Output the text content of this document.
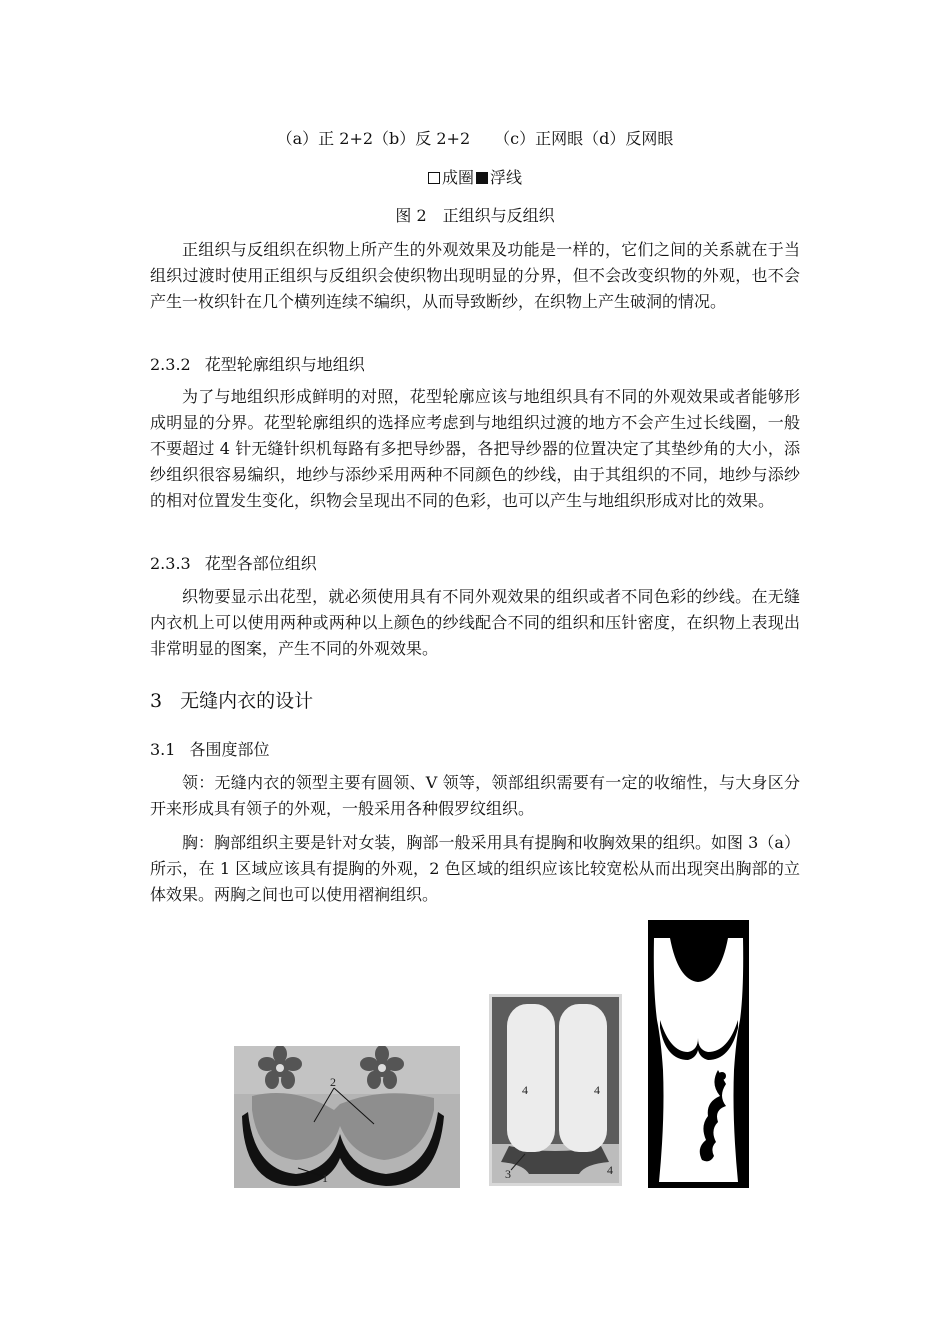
（a）正 2+2（b）反 2+2　　（c）正网眼（d）反网眼
成圈 浮线
图 2　正组织与反组织
正组织与反组织在织物上所产生的外观效果及功能是一样的，它们之间的关系就在于当组织过渡时使用正组织与反组织会使织物出现明显的分界，但不会改变织物的外观，也不会产生一枚织针在几个横列连续不编织，从而导致断纱，在织物上产生破洞的情况。
2.3.2 花型轮廓组织与地组织
为了与地组织形成鲜明的对照，花型轮廓应该与地组织具有不同的外观效果或者能够形成明显的分界。花型轮廓组织的选择应考虑到与地组织过渡的地方不会产生过长线圈，一般不要超过 4 针无缝针织机每路有多把导纱器，各把导纱器的位置决定了其垫纱角的大小，添纱组织很容易编织，地纱与添纱采用两种不同颜色的纱线，由于其组织的不同，地纱与添纱的相对位置发生变化，织物会呈现出不同的色彩，也可以产生与地组织形成对比的效果。
2.3.3 花型各部位组织
织物要显示出花型，就必须使用具有不同外观效果的组织或者不同色彩的纱线。在无缝内衣机上可以使用两种或两种以上颜色的纱线配合不同的组织和压针密度，在织物上表现出非常明显的图案，产生不同的外观效果。
3 无缝内衣的设计
3.1 各围度部位
领：无缝内衣的领型主要有圆领、V 领等，领部组织需要有一定的收缩性，与大身区分开来形成具有领子的外观，一般采用各种假罗纹组织。
胸：胸部组织主要是针对女装，胸部一般采用具有提胸和收胸效果的组织。如图 3（a）所示，在 1 区域应该具有提胸的外观，2 色区域的组织应该比较宽松从而出现突出胸部的立体效果。两胸之间也可以使用褶裥组织。
2
1
4	4
3	4
